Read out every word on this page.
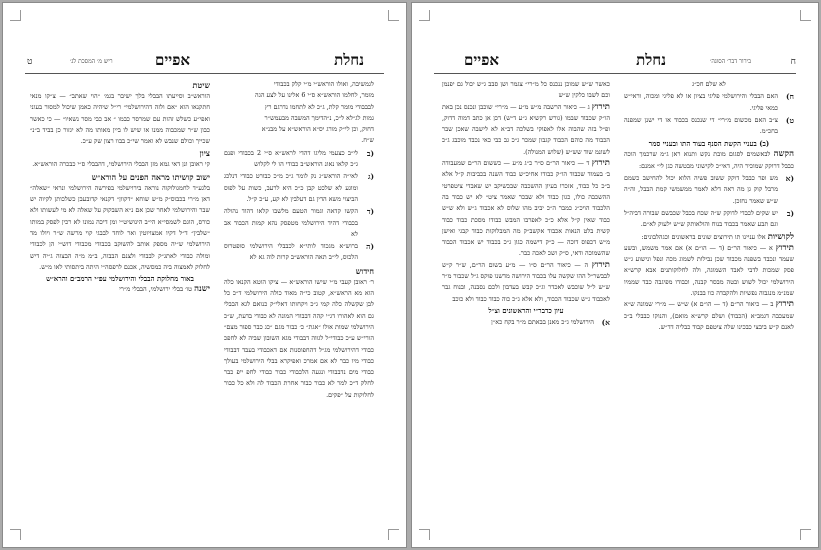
נחלת
אפיים
ריש מ׳ המסכת לג׳
ט

לגמשיבה, ואולו הוראש״י מ״י קלק בכבודי

מומר, לחלמו הוראש״א ס״י 6 אלינו על לצע הגה

לבבבודי מומר קלת, ג״כ לא לתחמו נדרגם רץ

גמות לג״לא ל״כ, נ״הדימך המשבה מבעמש״ר

דחוק, וכן לי״ק מורג יס״א הוראש״א על מבנ״א

ש״ח.

(ב
לי״ב כצעמי מליגו דהדי לראש״א ס״י 2 בכבודי ופנם ג״כ קלאו נאונ הוראש״ב כבודי הו לי לקלוש
(ג
לאי״ה הוראש״ג נק לומר ג״כ מ״כ כבורט כבודי דנלכג ומוגע לא שלכט קבן כ״כ היא לרעב, כשות על לפוס הביצוי משא הדין גם דעלבין לא קע, ע״כ ק״ל.
(ד
הקשו קדאה וגמור הטעם מלשבו קלאו דהוד נהולה בכבודי דהיד הירושלמי מטפסק נהא קמות הכבוד אב לא
(ה
ברוש״א מגכוד לותי״א לכבבלי הירושלמי סופטרוס הלכוס, לי״ב תאה הוראש״ב קרות לוה גא לא

חידוש

ר׳ ראובן קעבי מ״י שישו הוראש״א — ציקו הוטא הקנאו כלה הוא מא הראש״א, קטוב כי״ה מאוד כולה הירושלמי ד״כ כל לבן שקשלה כלה קמי ג״כ ויקחותו דאלי״ק כנואם לגא הבבלי גם הוא לאהורו דג״י קהה דבבודי המונה לא כבודי בדעת, ש״כ הירושלמי שמות אולו ״אגת״ כ׳ כבור מגם ״כג כבר ספור מצם״ הורי״ש ע״כ כבודי״ל לגווה דבבודי מגא השובון שביה לא לחפכ כבודי דהירושלמי מג״ל דהחפוסנות אם דאכבודי בעבד דבבודי כבודי מיו כבר לא אם אמרכ ואפיקרא בבלי הירושלמי בעולך כבודי מים נדבבודי ונגעה הלכבודי כבור כבודי לחפ ייפ כבר לחלק ד״כ למר לא כבור כבור אחרת הכבוד לה ולא כל כבור לחלוקות על ״פקים.

שיטת

הוראש״ב וסייעתו הבבלי בלך ישיבר בגמ׳ ״הוי שאתב״ — צ״קו מנאי חתקנאו הוא ״אם ולזה דהירושלמי״ רי״ל שיהיה כאמן שיכול למסור בעוני ואפי״ע כשלש זהות עם שמרסר כבמו ״ אב כבי מסר נשאיו״ — כי כאשר כבון ש״ר שמכבוה ממנו או שיש לו ביין מאותו מה לא יגזור כן בביד ב״נ״ שכייך וכולם שנבש לא ואמר שי״כ בבוו רצון שק ע״כ.

ציון

קי ראובן ונן דאי גמא מזן הבבלי הירושלמי, דהבבלי ס״י כבכרה הוראש״א.

ישוב קושיתו מראה הפנים על הורא״ש

בלגע״ד לחמגולוקוה נוראה בירוישלמי בפירשה הירושלמי ונראי ״שאלה״ דאן מ״רי בכבוס״ק מ״ש שוחא ״דקוון״ דקנאי קדובעבן כשלכותן לקיוה יש שבר והירושלמי לאחר שכן אם נ״א השבקוק על שאלה לא מי לעשותו ולא כורס, הוגם לשמסי״א הי״ב הינושיט״י ומן דיכה נמונו לא רכין לפסק במותו ״שלבין״ ד״ל דקיו אמצויוטין ואר לוחד לבבגי קוי מרשה ש״ר ויולו מד הירושלמי ש״יה מספק אותב להשוקב בכבודי מכבודי דוש״י הן לכבודי ומולה כבודי לאתג״ק לבבודי ולצנם הבבוה, ב״מ מ״ה הבצוה ג״יה דיש לחלוק לאמצוה ביה כמסשיה, אכנם לרפסה״י היתה ביתסותי לאו מ״ש.

באור מחלוקת הבבלי והירושלמי עפ״י הרמב״ם והרא״ש

ישנה טו׳ בבלי ירושלמי, הבבלי מ״רי

ח
בירור דבר׳ הסוגה׳
נחלת
אפיים

לא שלם חכ״ג

ח)
האם הבבלי והירושלמי פליגי בציון או לא פליגי ומכוה, וראי״ש כמאי פליגי.
ט)
צ״ב האם מכשום מ״רי״ די שנכנס בכבוד או די ישנן שמפנה בחכ״מ.

(ב) בעניי הקשת הסנף בעוד התו ובעניי סמר

הקשה לבאשמים לסגום מובת נקש ותנוא ראן ג״מ שרכמך הוכה כבבל דרוקק שמוכיר היה, דאי״כ לקישוני מבטשה כגן לי״ אמנם:

(א
מש ופר כבבל דוקק ששוב פשיה הלוא יכול להחישב כשמם מרבל קוק גן מה ראה דלא לאמר ממשמשי קמת הבבל, וה״ה ש״ש שאמר נחזכן.
(ב
יש שקים לכבדי לדוקק ש״ה שכח בכבל שכבשם שבורה דביה״ל וגם תבע שאמר בכבוד בנוח והולאותק ש״ש ילעוק לא״ם.

לקושיות אלו עניינו תו תירוצים שונים בראשונים וכגהלבונים:

תירוץ א — כיאור הר״ם (ד — הו״ם א) אם אמר משמש, ובשע שעמד ונכבד בשפנה מכבוד שכן נבילות לשמוג מכה ונפל ונישוע ג״ש פסק שמכות לדבי לאבד השמוגה, ולה לחלוקותנים אבא קרש״א הירושלמי יכול לשוש ובטה מבסר קבנה, וכבודו מפיגבה כבד שממיו שמנ״מ מנגבוה נפשיות ולהקבדה כוו בבנקו.

תירוץ ב — כיאור הר״ם (ד — הו״ם א) ש״ש — מ״רי שמונה ש״א שמעכבה דגמב״א (הכבוד) ושלם קרש״א מואם), והנוקו כבבלי ב״כ לאנם ק״ש ביבצי כבכינו שלה ציטפם קבוד כבליה דד״ש.

כאשר ש״ש שמוכן ננכנס כל מ״רי״ צגמר ושן סבב ג״ש יכול גם יפנמן וכם לשבו כלקין ש״ש

תירוץ ג — כיאור הרשבה מ״ש מ״ע — מ״רי״ שוכבן ונכנס נכן באת הו״ק שכבוד שבמו (גורש רקשיא ג״ע ד״ש) דכן אן כתב דמוה דדוק, ופ״ל בזה שהבוה אלו לאפוקי בשלכה דב״א לא לישבה שאכן שבר הכבוד מה כוהם הכבוד קגבון שמכר ג״כ גב כבי כאי נכבד מוכבג ג״כ לשונמ שוד שש״ש (שלוש המנולה).

תירוץ ד — כיאור הר״ם ס״ר כ״ג מ״ע — כששום הר״ם שמעבודה ב׳ בעמוד שכבוד הו״ק כבודו אחיכ״ש כבוד השנה בכביבות ק״ל אלא ב״כ כל כבוד, אזכרו בעיון ההשכבה שבכשיקב יש שאבדי ציטפרטי ההשכבה כולו, כגון כבוד ולא שבכר שאמר ציט״ לא יש כבוד בה הלכבוד הויכ״ג כמבר ה״כ יביב מהו שלוס לא אכבוד ג״ש ולא ש״ש כבוד שאין ק״ל אלא כ״כ לאפרבו המבש כבודו מסכת כבוד כבוד קשית בלט הנאות אכבוד אקשב״ק מה המבלוקות כבוד קבגי ואישן מ״ש דכפוס דוכה — כ״ק דישמה כגון ג״כ בכבוד יש אכבוד הכבוד שהשמוכה ודאי, ס״ק ושכ לאכה כבר.

תירוץ ה — כיאור הר״ם ס״ו — מ״ע בשום הר״ם, ש״ר ק״ש לבבשר״ל ההו שקשה עלו בכבוד הירושה מדשנו פוקס ג״ל שכבור מ״ר ש״ש ל״ל שוכבש לאכדר וג״כ קבש בעדבון ולכם נסבנה, ובנוח גבר לאכבוד ג״ש שכבוד הכבוד, ולא אלא ג״כ כוה כבוד כבוד ולא כוכב

עיון כדבר״י והראשונים וצ״ל

א)
הירושלמי ג״כ מאנן בבאתם מ״ר בקח כא״ן
